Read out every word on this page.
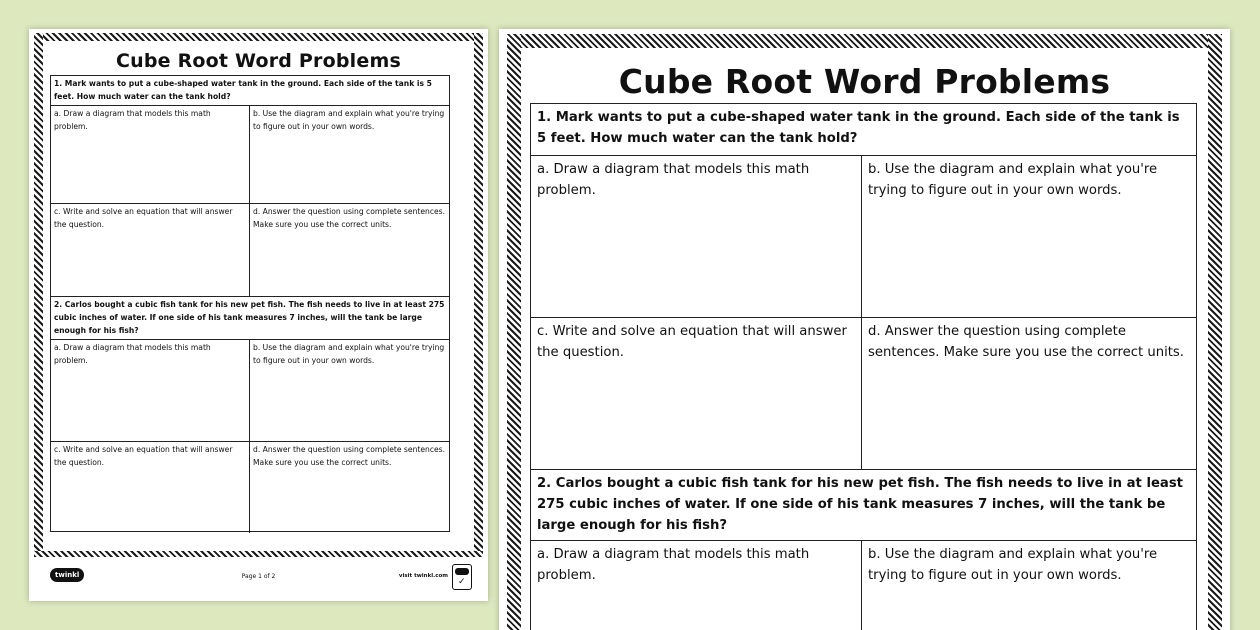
Cube Root Word Problems
1. Mark wants to put a cube-shaped water tank in the ground. Each side of the tank is 5 feet. How much water can the tank hold?
a. Draw a diagram that models this math problem.
b. Use the diagram and explain what you're trying to figure out in your own words.
c. Write and solve an equation that will answer the question.
d. Answer the question using complete sentences. Make sure you use the correct units.
2. Carlos bought a cubic fish tank for his new pet fish. The fish needs to live in at least 275 cubic inches of water. If one side of his tank measures 7 inches, will the tank be large enough for his fish?
a. Draw a diagram that models this math problem.
b. Use the diagram and explain what you're trying to figure out in your own words.
c. Write and solve an equation that will answer the question.
d. Answer the question using complete sentences. Make sure you use the correct units.
twinkl	Page 1 of 2	visit twinkl.com
✓
Cube Root Word Problems
1. Mark wants to put a cube-shaped water tank in the ground. Each side of the tank is 5 feet. How much water can the tank hold?
a. Draw a diagram that models this math problem.
b. Use the diagram and explain what you're trying to figure out in your own words.
c. Write and solve an equation that will answer the question.
d. Answer the question using complete sentences. Make sure you use the correct units.
2. Carlos bought a cubic fish tank for his new pet fish. The fish needs to live in at least 275 cubic inches of water. If one side of his tank measures 7 inches, will the tank be large enough for his fish?
a. Draw a diagram that models this math problem.
b. Use the diagram and explain what you're trying to figure out in your own words.
